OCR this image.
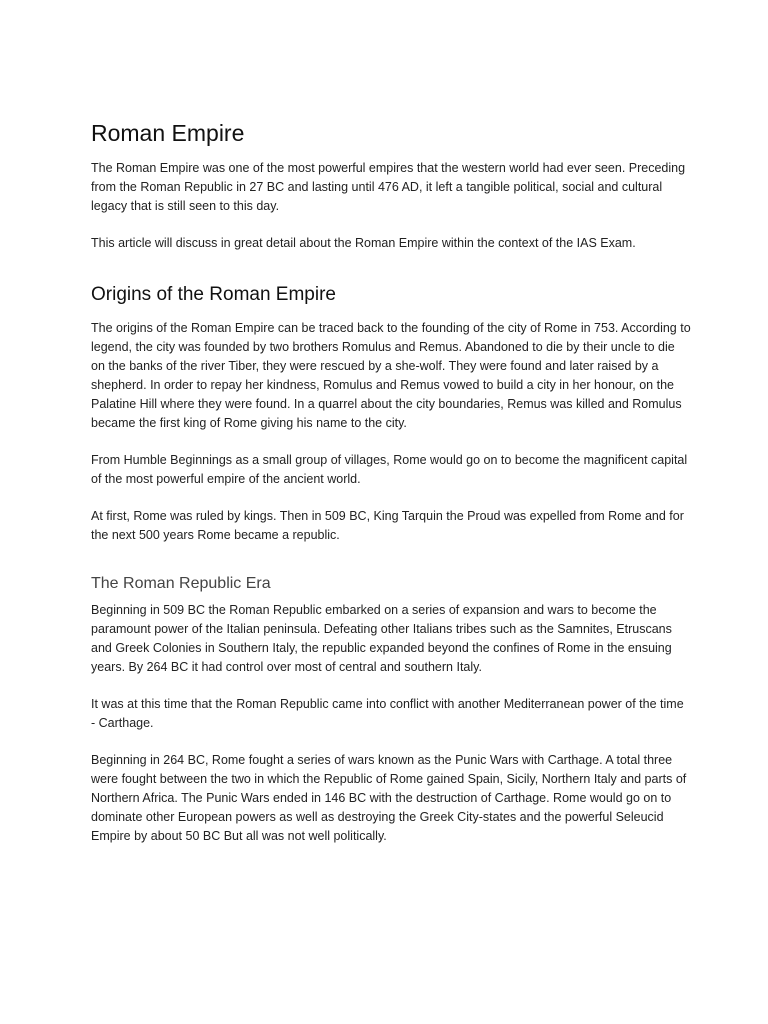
Roman Empire

The Roman Empire was one of the most powerful empires that the western world had ever seen. Preceding from the Roman Republic in 27 BC and lasting until 476 AD, it left a tangible political, social and cultural legacy that is still seen to this day.

This article will discuss in great detail about the Roman Empire within the context of the IAS Exam.

Origins of the Roman Empire

The origins of the Roman Empire can be traced back to the founding of the city of Rome in 753. According to legend, the city was founded by two brothers Romulus and Remus. Abandoned to die by their uncle to die on the banks of the river Tiber, they were rescued by a she-wolf. They were found and later raised by a shepherd. In order to repay her kindness, Romulus and Remus vowed to build a city in her honour, on the Palatine Hill where they were found. In a quarrel about the city boundaries, Remus was killed and Romulus became the first king of Rome giving his name to the city.

From Humble Beginnings as a small group of villages, Rome would go on to become the magnificent capital of the most powerful empire of the ancient world.

At first, Rome was ruled by kings. Then in 509 BC, King Tarquin the Proud was expelled from Rome and for the next 500 years Rome became a republic.

The Roman Republic Era

Beginning in 509 BC the Roman Republic embarked on a series of expansion and wars to become the paramount power of the Italian peninsula. Defeating other Italians tribes such as the Samnites, Etruscans and Greek Colonies in Southern Italy, the republic expanded beyond the confines of Rome in the ensuing years. By 264 BC it had control over most of central and southern Italy.

It was at this time that the Roman Republic came into conflict with another Mediterranean power of the time - Carthage.

Beginning in 264 BC, Rome fought a series of wars known as the Punic Wars with Carthage. A total three were fought between the two in which the Republic of Rome gained Spain, Sicily, Northern Italy and parts of Northern Africa. The Punic Wars ended in 146 BC with the destruction of Carthage. Rome would go on to dominate other European powers as well as destroying the Greek City-states and the powerful Seleucid Empire by about 50 BC But all was not well politically.
